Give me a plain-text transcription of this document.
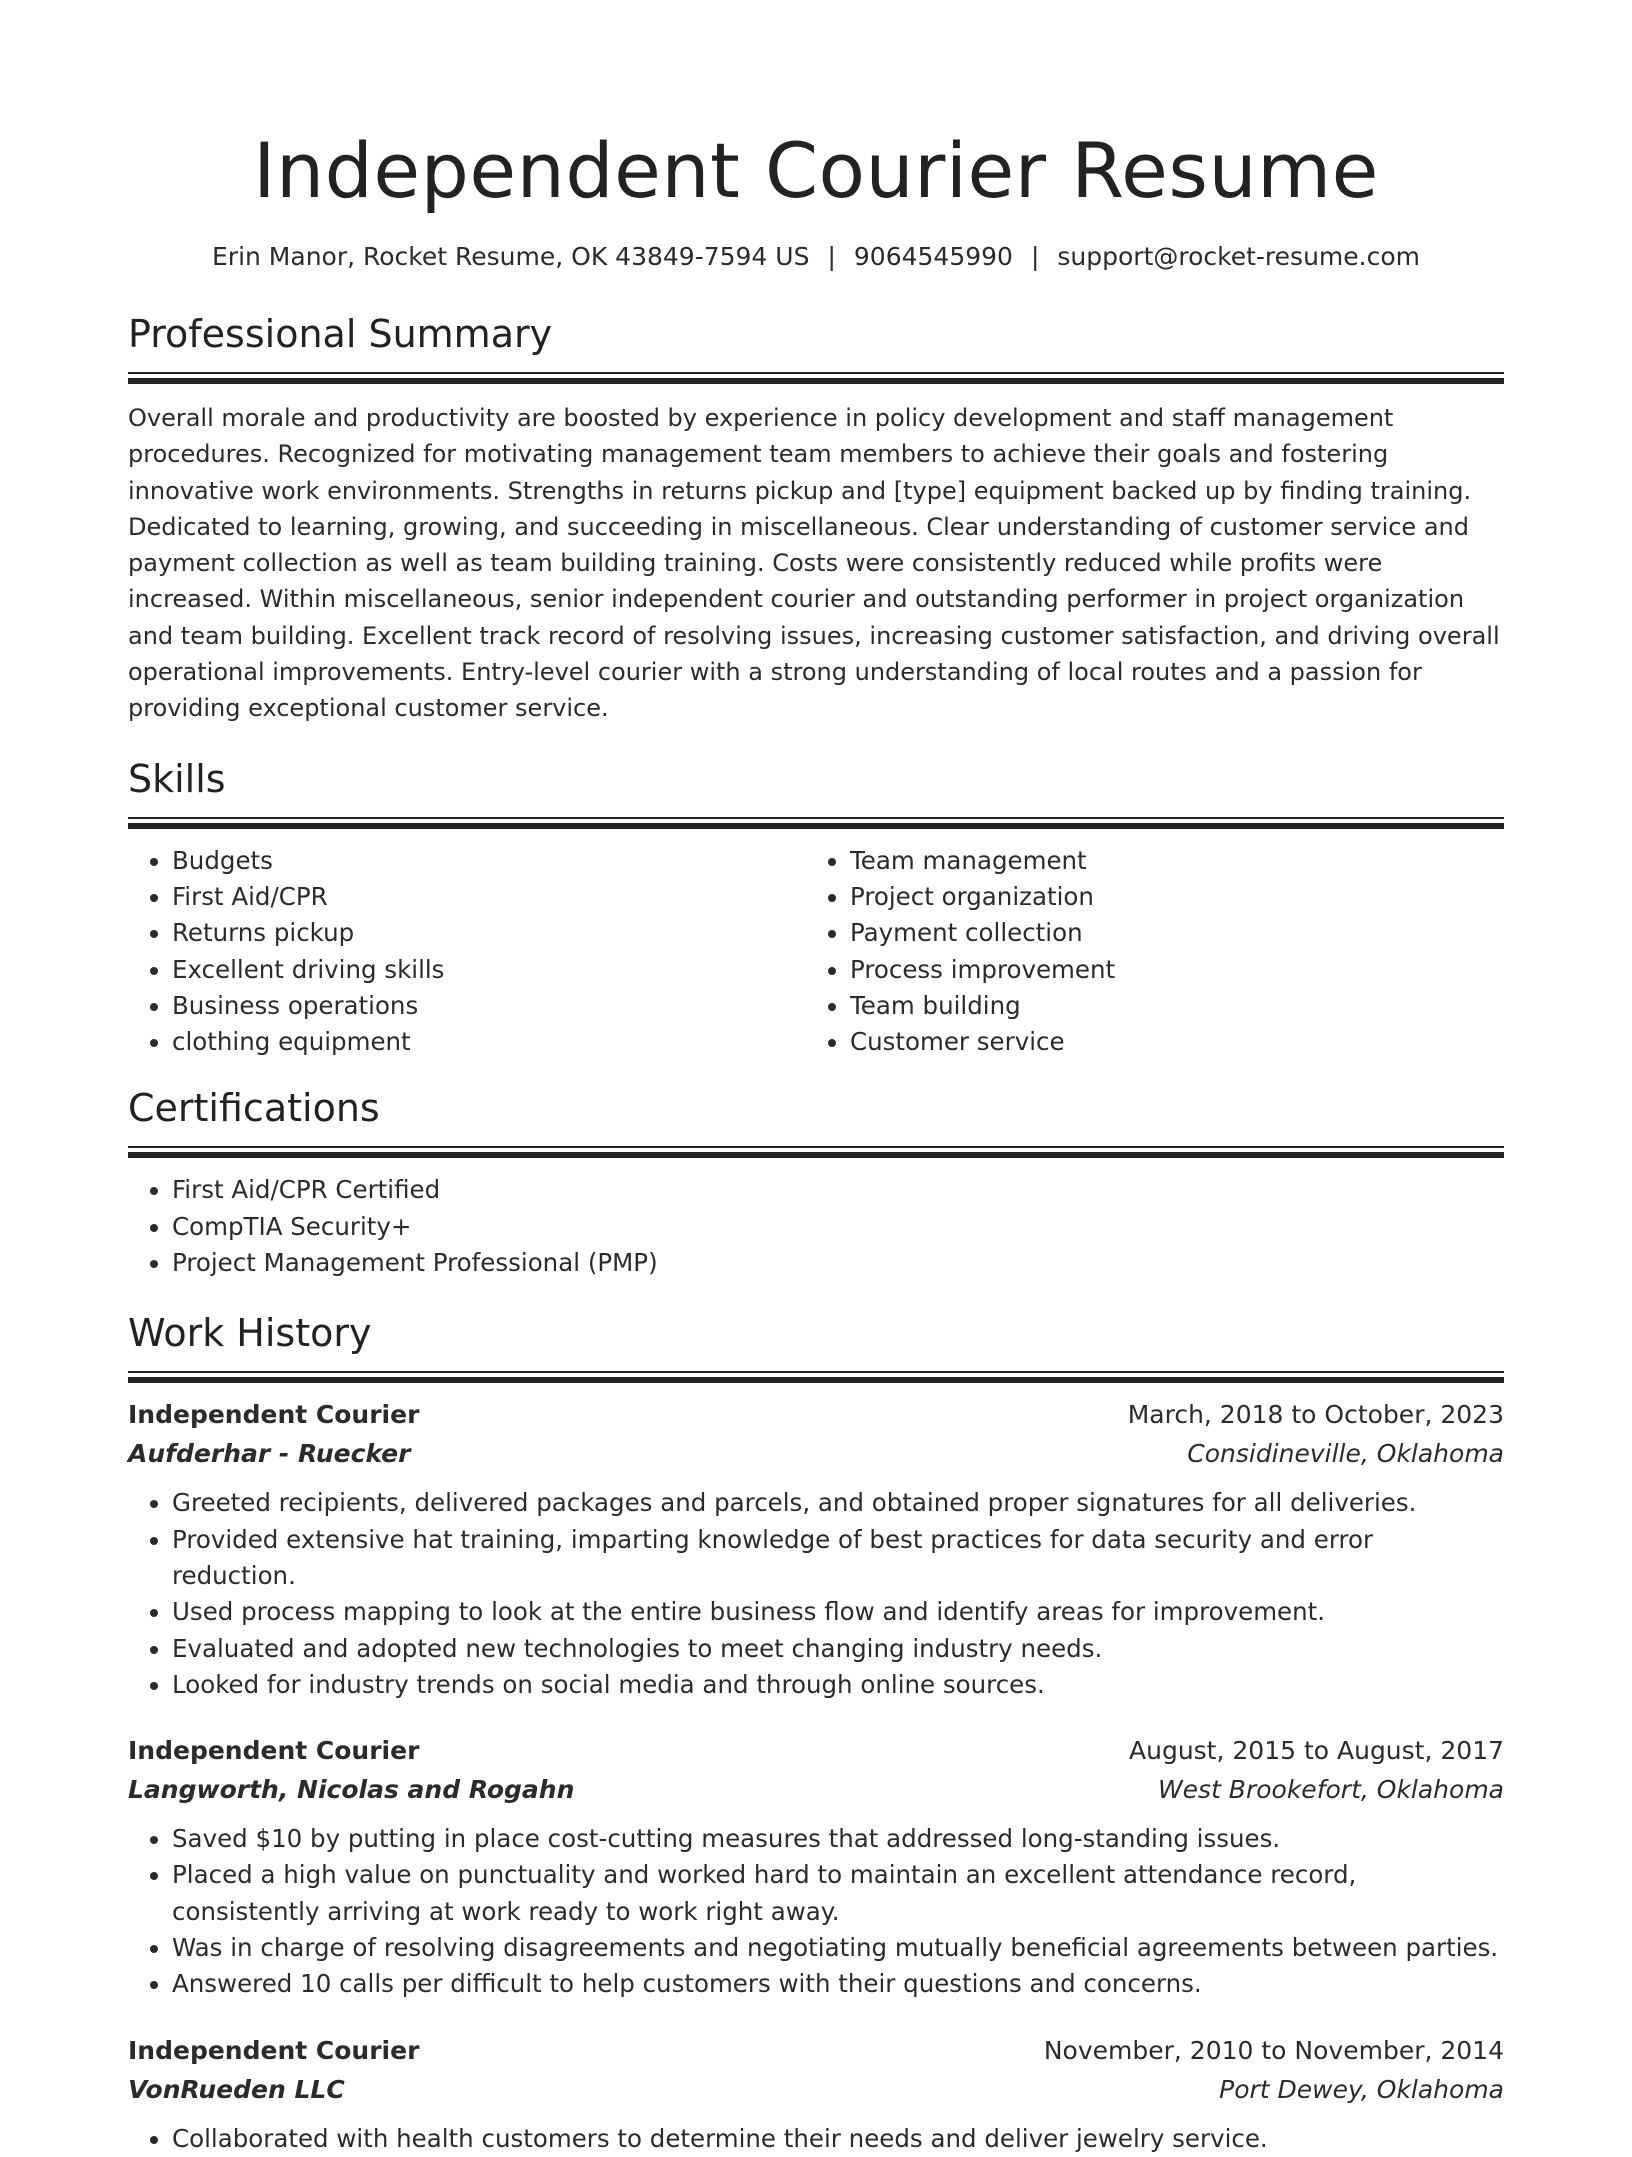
Independent Courier Resume
Erin Manor, Rocket Resume, OK 43849-7594 US | 9064545990 | support@rocket-resume.com
Professional Summary

Overall morale and productivity are boosted by experience in policy development and staff management procedures. Recognized for motivating management team members to achieve their goals and fostering innovative work environments. Strengths in returns pickup and [type] equipment backed up by finding training. Dedicated to learning, growing, and succeeding in miscellaneous. Clear understanding of customer service and payment collection as well as team building training. Costs were consistently reduced while profits were increased. Within miscellaneous, senior independent courier and outstanding performer in project organization and team building. Excellent track record of resolving issues, increasing customer satisfaction, and driving overall operational improvements. Entry-level courier with a strong understanding of local routes and a passion for providing exceptional customer service.

Skills
• Budgets
• First Aid/CPR
• Returns pickup
• Excellent driving skills
• Business operations
• clothing equipment
• Team management
• Project organization
• Payment collection
• Process improvement
• Team building
• Customer service
Certifications
• First Aid/CPR Certified
• CompTIA Security+
• Project Management Professional (PMP)
Work History
Independent Courier	March, 2018 to October, 2023
Aufderhar - Ruecker	Considineville, Oklahoma
• Greeted recipients, delivered packages and parcels, and obtained proper signatures for all deliveries.
• Provided extensive hat training, imparting knowledge of best practices for data security and error reduction.
• Used process mapping to look at the entire business flow and identify areas for improvement.
• Evaluated and adopted new technologies to meet changing industry needs.
• Looked for industry trends on social media and through online sources.
Independent Courier	August, 2015 to August, 2017
Langworth, Nicolas and Rogahn	West Brookefort, Oklahoma
• Saved $10 by putting in place cost-cutting measures that addressed long-standing issues.
• Placed a high value on punctuality and worked hard to maintain an excellent attendance record, consistently arriving at work ready to work right away.
• Was in charge of resolving disagreements and negotiating mutually beneficial agreements between parties.
• Answered 10 calls per difficult to help customers with their questions and concerns.
Independent Courier	November, 2010 to November, 2014
VonRueden LLC	Port Dewey, Oklahoma
• Collaborated with health customers to determine their needs and deliver jewelry service.
